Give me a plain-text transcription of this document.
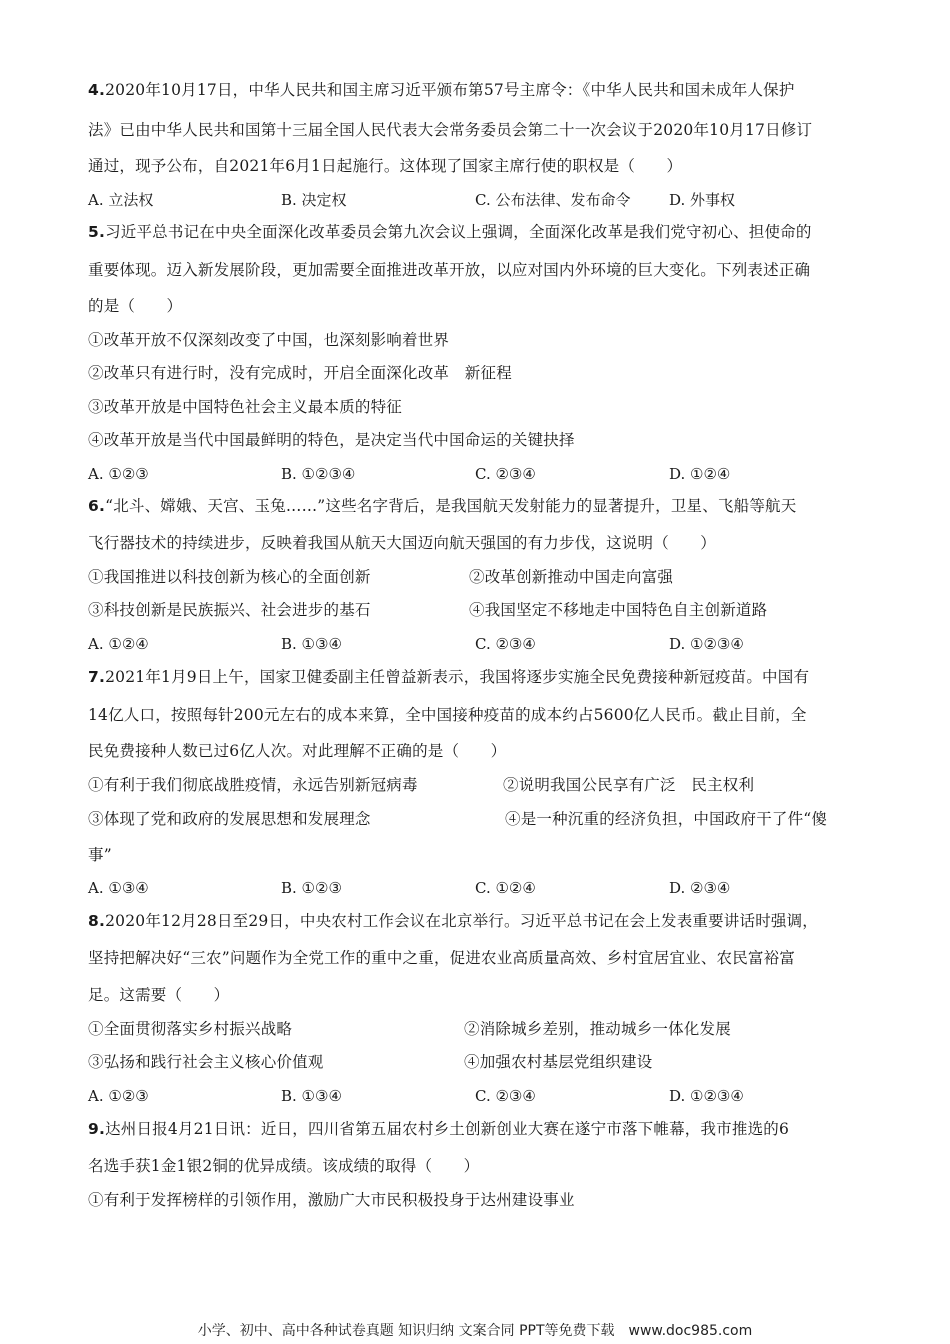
4.2020年10月17日，中华人民共和国主席习近平颁布第57号主席令：《中华人民共和国未成年人保护
法》已由中华人民共和国第十三届全国人民代表大会常务委员会第二十一次会议于2020年10月17日修订
通过，现予公布，自2021年6月1日起施行。这体现了国家主席行使的职权是（　　）
A. 立法权	B. 决定权	C. 公布法律、发布命令	D. 外事权
5.习近平总书记在中央全面深化改革委员会第九次会议上强调，全面深化改革是我们党守初心、担使命的
重要体现。迈入新发展阶段，更加需要全面推进改革开放，以应对国内外环境的巨大变化。下列表述正确
的是（　　）
①改革开放不仅深刻改变了中国，也深刻影响着世界
②改革只有进行时，没有完成时，开启全面深化改革　新征程
③改革开放是中国特色社会主义最本质的特征
④改革开放是当代中国最鲜明的特色，是决定当代中国命运的关键抉择
A. ①②③	B. ①②③④	C. ②③④	D. ①②④
6.“北斗、嫦娥、天宫、玉兔……”这些名字背后，是我国航天发射能力的显著提升，卫星、飞船等航天
飞行器技术的持续进步，反映着我国从航天大国迈向航天强国的有力步伐，这说明（　　）
①我国推进以科技创新为核心的全面创新	②改革创新推动中国走向富强
③科技创新是民族振兴、社会进步的基石	④我国坚定不移地走中国特色自主创新道路
A. ①②④	B. ①③④	C. ②③④	D. ①②③④
7.2021年1月9日上午，国家卫健委副主任曾益新表示，我国将逐步实施全民免费接种新冠疫苗。中国有
14亿人口，按照每针200元左右的成本来算，全中国接种疫苗的成本约占5600亿人民币。截止目前，全
民免费接种人数已过6亿人次。对此理解不正确的是（　　）
①有利于我们彻底战胜疫情，永远告别新冠病毒	②说明我国公民享有广泛　民主权利
③体现了党和政府的发展思想和发展理念	④是一种沉重的经济负担，中国政府干了件“傻
事”
A. ①③④	B. ①②③	C. ①②④	D. ②③④
8.2020年12月28日至29日，中央农村工作会议在北京举行。习近平总书记在会上发表重要讲话时强调，
坚持把解决好“三农”问题作为全党工作的重中之重，促进农业高质量高效、乡村宜居宜业、农民富裕富
足。这需要（　　）
①全面贯彻落实乡村振兴战略	②消除城乡差别，推动城乡一体化发展
③弘扬和践行社会主义核心价值观	④加强农村基层党组织建设
A. ①②③	B. ①③④	C. ②③④	D. ①②③④
9.达州日报4月21日讯：近日，四川省第五届农村乡土创新创业大赛在遂宁市落下帷幕，我市推选的6
名选手获1金1银2铜的优异成绩。该成绩的取得（　　）
①有利于发挥榜样的引领作用，激励广大市民积极投身于达州建设事业
小学、初中、高中各种试卷真题 知识归纳 文案合同 PPT等免费下载　www.doc985.com
